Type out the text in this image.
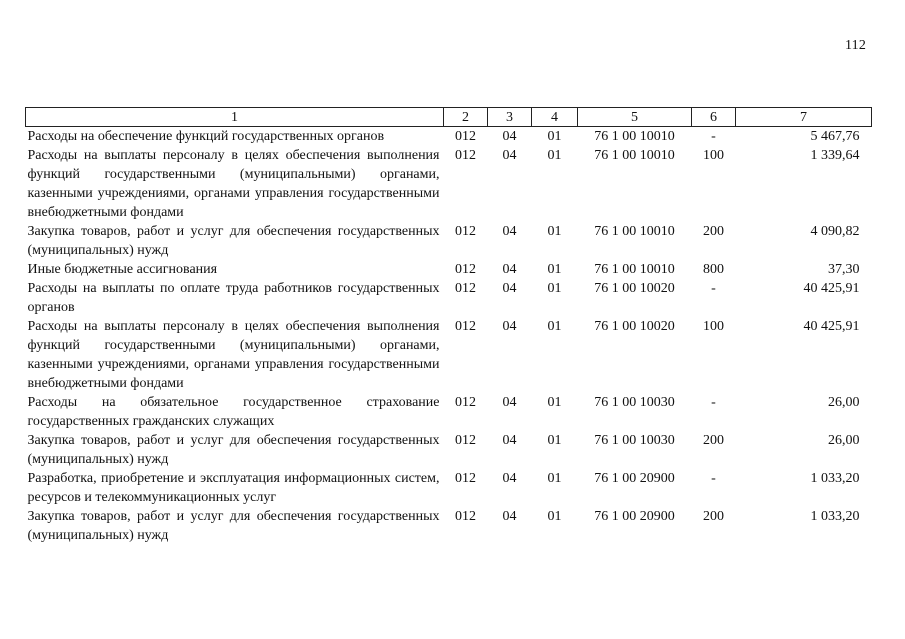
112
1	2	3	4	5	6	7
Расходы на обеспечение функций государственных органов	012	04	01	76 1 00 10010	-	5 467,76
Расходы на выплаты персоналу в целях обеспечения выполнения функций государственными (муниципальными) органами, казенными учреждениями, органами управления государственными внебюджетными фондами	012	04	01	76 1 00 10010	100	1 339,64
Закупка товаров, работ и услуг для обеспечения государственных (муниципальных) нужд	012	04	01	76 1 00 10010	200	4 090,82
Иные бюджетные ассигнования	012	04	01	76 1 00 10010	800	37,30
Расходы на выплаты по оплате труда работников государственных органов	012	04	01	76 1 00 10020	-	40 425,91
Расходы на выплаты персоналу в целях обеспечения выполнения функций государственными (муниципальными) органами, казенными учреждениями, органами управления государственными внебюджетными фондами	012	04	01	76 1 00 10020	100	40 425,91
Расходы на обязательное государственное страхование государственных гражданских служащих	012	04	01	76 1 00 10030	-	26,00
Закупка товаров, работ и услуг для обеспечения государственных (муниципальных) нужд	012	04	01	76 1 00 10030	200	26,00
Разработка, приобретение и эксплуатация информационных систем, ресурсов и телекоммуникационных услуг	012	04	01	76 1 00 20900	-	1 033,20
Закупка товаров, работ и услуг для обеспечения государственных (муниципальных) нужд	012	04	01	76 1 00 20900	200	1 033,20
